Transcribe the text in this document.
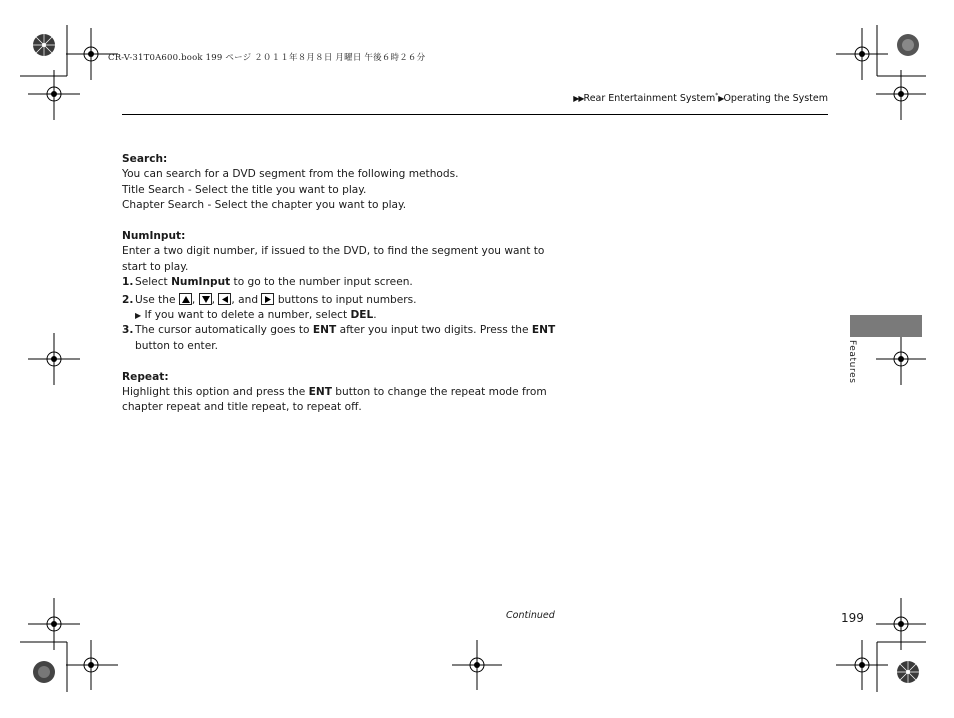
CR-V-31T0A600.book 199 ページ ２０１１年８月８日 月曜日 午後６時２６分
▶▶Rear Entertainment System*▶Operating the System

Search:

You can search for a DVD segment from the following methods.

Title Search - Select the title you want to play.

Chapter Search - Select the chapter you want to play.

NumInput:

Enter a two digit number, if issued to the DVD, to find the segment you want to start to play.

1. Select NumInput to go to the number input screen.

2. Use the
,
,
, and
buttons to input numbers.

▶ If you want to delete a number, select DEL.

3. The cursor automatically goes to ENT after you input two digits. Press the ENT button to enter.

Repeat:

Highlight this option and press the ENT button to change the repeat mode from chapter repeat and title repeat, to repeat off.

Features
Continued	199
